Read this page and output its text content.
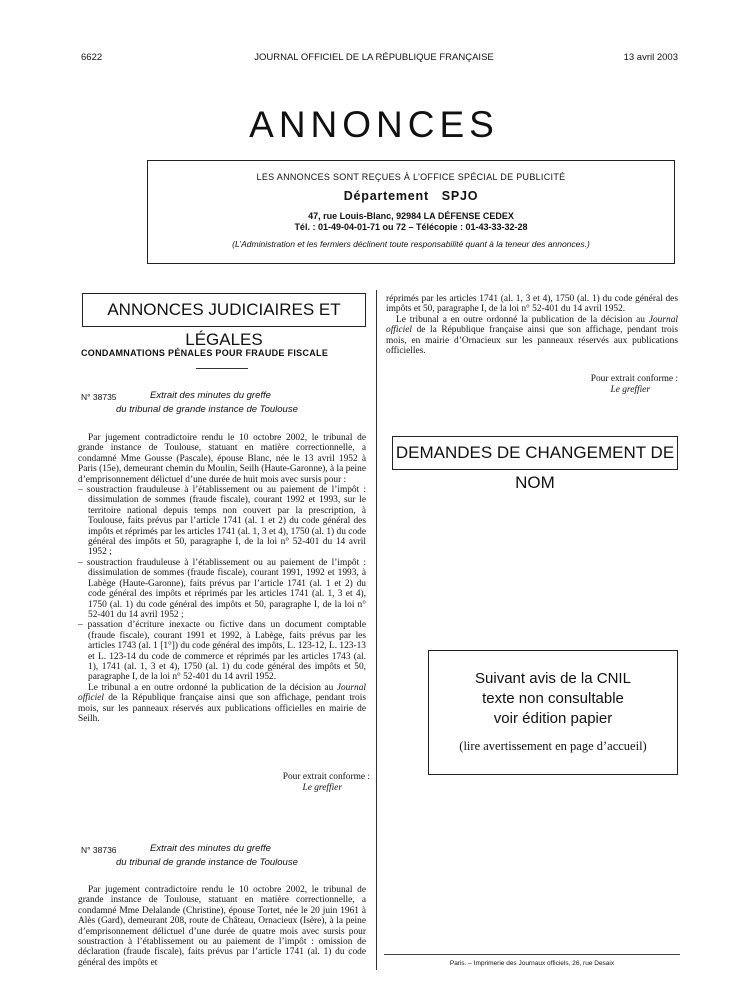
6622	JOURNAL OFFICIEL DE LA RÉPUBLIQUE FRANÇAISE	13 avril 2003
ANNONCES
LES ANNONCES SONT REÇUES À L’OFFICE SPÉCIAL DE PUBLICITÉ
Département   SPJO
47, rue Louis-Blanc, 92984 LA DÉFENSE CEDEX
Tél. : 01-49-04-01-71 ou 72 – Télécopie : 01-43-33-32-28
(L’Administration et les fermiers déclinent toute responsabilité quant à la teneur des annonces.)
ANNONCES JUDICIAIRES ET LÉGALES
CONDAMNATIONS PÉNALES POUR FRAUDE FISCALE
N° 38735	Extrait des minutes du greffe
du tribunal de grande instance de Toulouse

Par jugement contradictoire rendu le 10 octobre 2002, le tribunal de grande instance de Toulouse, statuant en matière correctionnelle, a condamné Mme Gousse (Pascale), épouse Blanc, née le 13 avril 1952 à Paris (15e), demeurant chemin du Moulin, Seilh (Haute-Garonne), à la peine d’emprisonnement délictuel d’une durée de huit mois avec sursis pour :

– soustraction frauduleuse à l’établissement ou au paiement de l’impôt : dissimulation de sommes (fraude fiscale), courant 1992 et 1993, sur le territoire national depuis temps non couvert par la prescription, à Toulouse, faits prévus par l’article 1741 (al. 1 et 2) du code général des impôts et réprimés par les articles 1741 (al. 1, 3 et 4), 1750 (al. 1) du code général des impôts et 50, paragraphe I, de la loi n° 52-401 du 14 avril 1952 ;

– soustraction frauduleuse à l’établissement ou au paiement de l’impôt : dissimulation de sommes (fraude fiscale), courant 1991, 1992 et 1993, à Labège (Haute-Garonne), faits prévus par l’article 1741 (al. 1 et 2) du code général des impôts et réprimés par les articles 1741 (al. 1, 3 et 4), 1750 (al. 1) du code général des impôts et 50, paragraphe I, de la loi n° 52-401 du 14 avril 1952 ;

– passation d’écriture inexacte ou fictive dans un document comptable (fraude fiscale), courant 1991 et 1992, à Labège, faits prévus par les articles 1743 (al. 1 [1°]) du code général des impôts, L. 123-12, L. 123-13 et L. 123-14 du code de commerce et réprimés par les articles 1743 (al. 1), 1741 (al. 1, 3 et 4), 1750 (al. 1) du code général des impôts et 50, paragraphe I, de la loi n° 52-401 du 14 avril 1952.

Le tribunal a en outre ordonné la publication de la décision au Journal officiel de la République française ainsi que son affichage, pendant trois mois, sur les panneaux réservés aux publications officielles en mairie de Seilh.

Pour extrait conforme :
Le greffier
N° 38736	Extrait des minutes du greffe
du tribunal de grande instance de Toulouse

Par jugement contradictoire rendu le 10 octobre 2002, le tribunal de grande instance de Toulouse, statuant en matière correctionnelle, a condamné Mme Delalande (Christine), épouse Tortet, née le 20 juin 1961 à Alès (Gard), demeurant 208, route de Château, Ornacieux (Isère), à la peine d’emprisonnement délictuel d’une durée de quatre mois avec sursis pour soustraction à l’établissement ou au paiement de l’impôt : omission de déclaration (fraude fiscale), faits prévus par l’article 1741 (al. 1) du code général des impôts et

réprimés par les articles 1741 (al. 1, 3 et 4), 1750 (al. 1) du code général des impôts et 50, paragraphe I, de la loi n° 52-401 du 14 avril 1952.

Le tribunal a en outre ordonné la publication de la décision au Journal officiel de la République française ainsi que son affichage, pendant trois mois, en mairie d’Ornacieux sur les panneaux réservés aux publications officielles.

Pour extrait conforme :
Le greffier
DEMANDES DE CHANGEMENT DE NOM
Suivant avis de la CNIL
texte non consultable
voir édition papier
(lire avertissement en page d’accueil)
Paris. – Imprimerie des Journaux officiels, 26, rue Desaix
